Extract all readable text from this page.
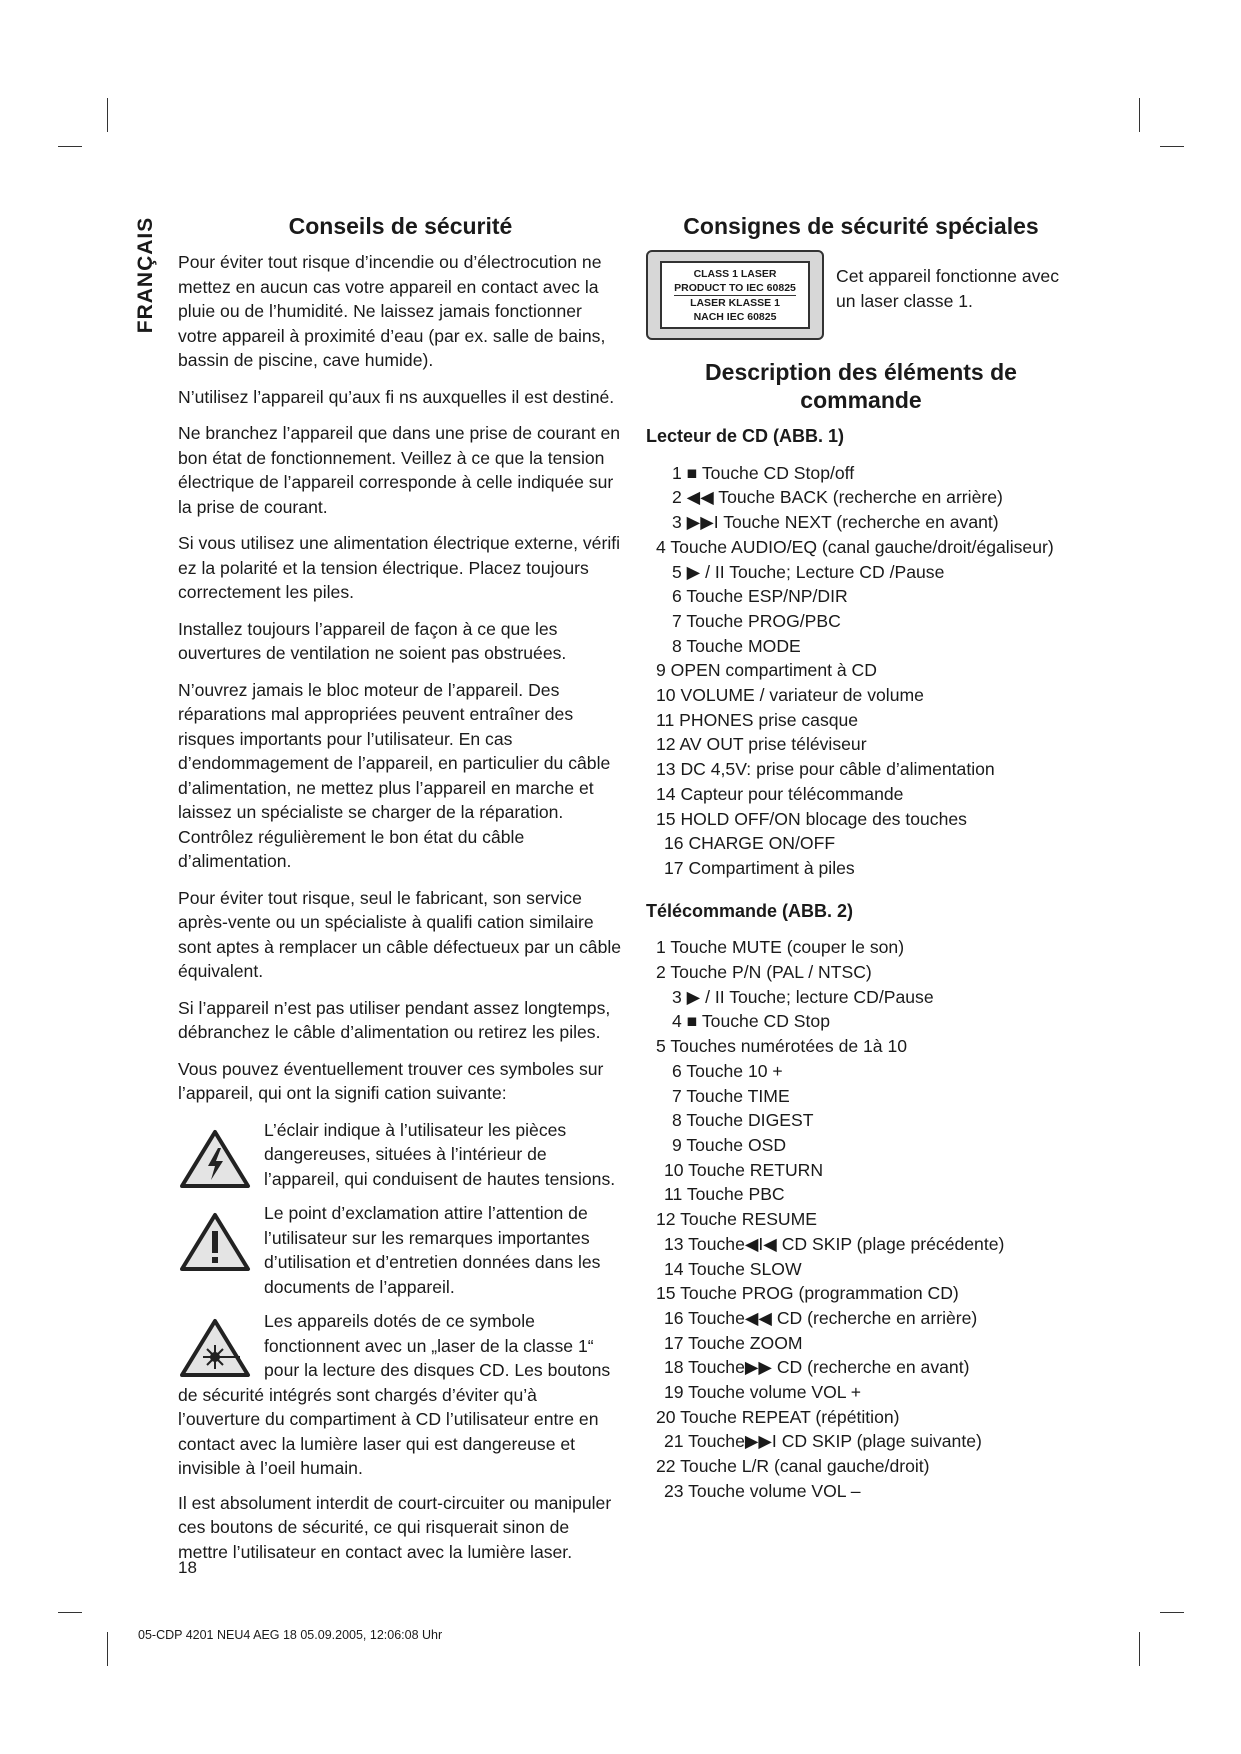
FRANÇAIS	Conseils de sécurité

Pour éviter tout risque d’incendie ou d’électrocution ne mettez en aucun cas votre appareil en contact avec la pluie ou de l’humidité. Ne laissez jamais fonctionner votre appareil à proximité d’eau (par ex. salle de bains, bassin de piscine, cave humide).

N’utilisez l’appareil qu’aux fi ns auxquelles il est destiné.

Ne branchez l’appareil que dans une prise de courant en bon état de fonctionnement. Veillez à ce que la tension électrique de l’appareil corresponde à celle indiquée sur la prise de courant.

Si vous utilisez une alimentation électrique externe, vérifi ez la polarité et la tension électrique. Placez toujours correctement les piles.

Installez toujours l’appareil de façon à ce que les ouvertures de ventilation ne soient pas obstruées.

N’ouvrez jamais le bloc moteur de l’appareil. Des réparations mal appropriées peuvent entraîner des risques importants pour l’utilisateur. En cas d’endommagement de l’appareil, en particulier du câble d’alimentation, ne mettez plus l’appareil en marche et laissez un spécialiste se charger de la réparation. Contrôlez régulièrement le bon état du câble d’alimentation.

Pour éviter tout risque, seul le fabricant, son service après-vente ou un spécialiste à qualifi cation similaire sont aptes à remplacer un câble défectueux par un câble équivalent.

Si l’appareil n’est pas utiliser pendant assez longtemps, débranchez le câble d’alimentation ou retirez les piles.

Vous pouvez éventuellement trouver ces symboles sur l’appareil, qui ont la signifi cation suivante:

L’éclair indique à l’utilisateur les pièces dangereuses, situées à l’intérieur de l’appareil, qui conduisent de hautes tensions.
Le point d’exclamation attire l’attention de l’utilisateur sur les remarques importantes d’utilisation et d’entretien données dans les documents de l’appareil.
Les appareils dotés de ce symbole fonctionnent avec un „laser de la classe 1“ pour la lecture des disques CD. Les boutons de sécurité intégrés sont chargés d’éviter qu’à l’ouverture du compartiment à CD l’utilisateur entre en contact avec la lumière laser qui est dangereuse et invisible à l’oeil humain.

Il est absolument interdit de court-circuiter ou manipuler ces boutons de sécurité, ce qui risquerait sinon de mettre l’utilisateur en contact avec la lumière laser.

Consignes de sécurité spéciales
CLASS 1 LASER
PRODUCT TO IEC 60825
LASER KLASSE 1
NACH IEC 60825
Cet appareil fonctionne avec un laser classe 1.
Description des éléments de commande
Lecteur de CD (ABB. 1)
1 ■ Touche CD Stop/off
2 ◀◀ Touche BACK (recherche en arrière)
3 ▶▶I Touche NEXT (recherche en avant)
4 Touche AUDIO/EQ (canal gauche/droit/égaliseur)
5 ▶ / II Touche; Lecture CD /Pause
6 Touche ESP/NP/DIR
7 Touche PROG/PBC
8 Touche MODE
9 OPEN compartiment à CD
10 VOLUME / variateur de volume
11 PHONES prise casque
12 AV OUT prise téléviseur
13 DC 4,5V: prise pour câble d’alimentation
14 Capteur pour télécommande
15 HOLD OFF/ON blocage des touches
16 CHARGE ON/OFF
17 Compartiment à piles
Télécommande (ABB. 2)
1 Touche MUTE (couper le son)
2 Touche P/N (PAL / NTSC)
3 ▶ / II Touche; lecture CD/Pause
4 ■ Touche CD Stop
5 Touches numérotées de 1à 10
6 Touche 10 +
7 Touche TIME
8 Touche DIGEST
9 Touche OSD
10 Touche RETURN
11 Touche PBC
12 Touche RESUME
13 Touche◀I◀ CD SKIP (plage précédente)
14 Touche SLOW
15 Touche PROG (programmation CD)
16 Touche◀◀ CD (recherche en arrière)
17 Touche ZOOM
18 Touche▶▶ CD (recherche en avant)
19 Touche volume VOL +
20 Touche REPEAT (répétition)
21 Touche▶▶I CD SKIP (plage suivante)
22 Touche L/R (canal gauche/droit)
23 Touche volume VOL –
18
05-CDP 4201 NEU4 AEG 18 05.09.2005, 12:06:08 Uhr
